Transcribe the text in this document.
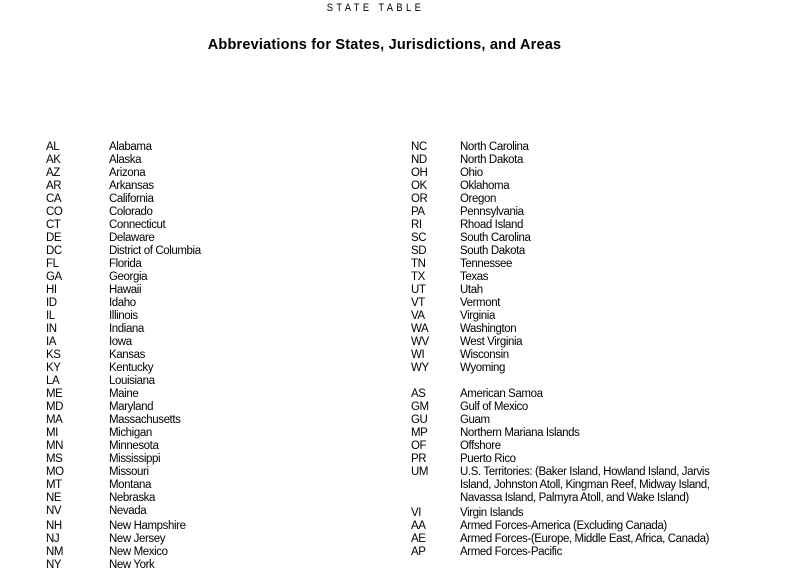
STATE TABLE
Abbreviations for States, Jurisdictions, and Areas
AL	Alabama
AK	Alaska
AZ	Arizona
AR	Arkansas
CA	California
CO	Colorado
CT	Connecticut
DE	Delaware
DC	District of Columbia
FL	Florida
GA	Georgia
HI	Hawaii
ID	Idaho
IL	Illinois
IN	Indiana
IA	Iowa
KS	Kansas
KY	Kentucky
LA	Louisiana
ME	Maine
MD	Maryland
MA	Massachusetts
MI	Michigan
MN	Minnesota
MS	Mississippi
MO	Missouri
MT	Montana
NE	Nebraska
NV	Nevada
NH	New Hampshire
NJ	New Jersey
NM	New Mexico
NY	New York
NC	North Carolina
ND	North Dakota
OH	Ohio
OK	Oklahoma
OR	Oregon
PA	Pennsylvania
RI	Rhoad Island
SC	South Carolina
SD	South Dakota
TN	Tennessee
TX	Texas
UT	Utah
VT	Vermont
VA	Virginia
WA	Washington
WV	West Virginia
WI	Wisconsin
WY	Wyoming
AS	American Samoa
GM	Gulf of Mexico
GU	Guam
MP	Northern Mariana Islands
OF	Offshore
PR	Puerto Rico
UM	U.S. Territories: (Baker Island, Howland Island, Jarvis Island, Johnston Atoll, Kingman Reef, Midway Island, Navassa Island, Palmyra Atoll, and Wake Island)
VI	Virgin Islands
AA	Armed Forces-America (Excluding Canada)
AE	Armed Forces-(Europe, Middle East, Africa, Canada)
AP	Armed Forces-Pacific
